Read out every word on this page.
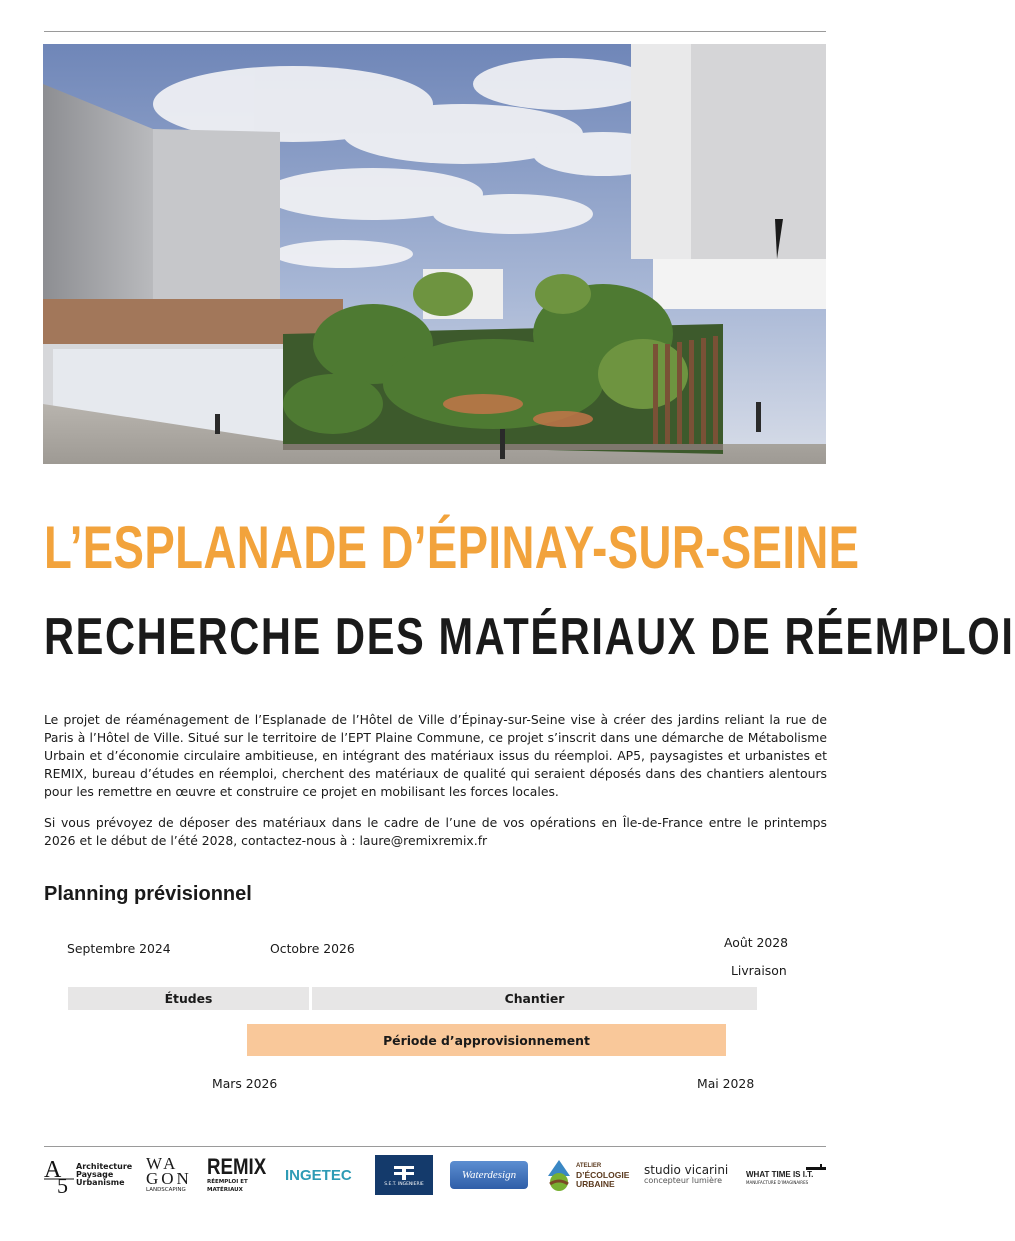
L’ESPLANADE D’ÉPINAY-SUR-SEINE
RECHERCHE DES MATÉRIAUX DE RÉEMPLOI

Le projet de réaménagement de l’Esplanade de l’Hôtel de Ville d’Épinay-sur-Seine vise à créer des jardins reliant la rue de Paris à l’Hôtel de Ville. Situé sur le territoire de l’EPT Plaine Commune, ce projet s’inscrit dans une démarche de Métabolisme Urbain et d’économie circulaire ambitieuse, en intégrant des matériaux issus du réemploi. AP5, paysagistes et urbanistes et REMIX, bureau d’études en réemploi, cherchent des matériaux de qualité qui seraient déposés dans des chantiers alentours pour les remettre en œuvre et construire ce projet en mobilisant les forces locales.

Si vous prévoyez de déposer des matériaux dans le cadre de l’une de vos opérations en Île-de-France entre le printemps 2026 et le début de l’été 2028, contactez-nous à : laure@remixremix.fr

Planning prévisionnel
Septembre 2024	Octobre 2026	Août 2028
Livraison
Études	Chantier
Période d’approvisionnement
Mars 2026	Mai 2028
A
5
Architecture
Paysage
Urbanisme
WA
GON
LANDSCAPING
REMIX
RÉEMPLOI ET MATÉRIAUX
INGETEC
S.E.T. INGENIERIE
Waterdesign
ATELIER
D’ÉCOLOGIE
URBAINE
studio vicarini
concepteur lumière
WHAT TIME IS I.T.
MANUFACTURE D’IMAGINAIRES
